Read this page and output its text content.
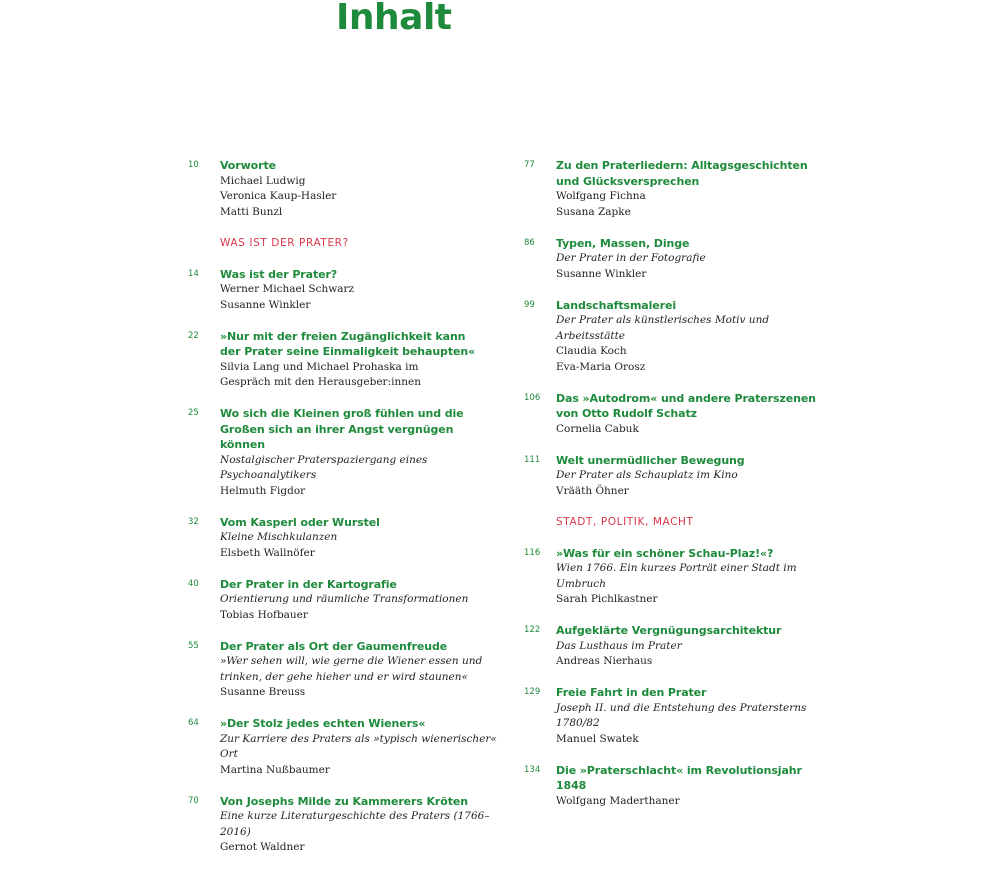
Inhalt
10 Vorworte
Michael Ludwig
Veronica Kaup-Hasler
Matti Bunzl
WAS IST DER PRATER?
14 Was ist der Prater?
Werner Michael Schwarz
Susanne Winkler
22 »Nur mit der freien Zugänglichkeit kann
der Prater seine Einmaligkeit behaupten«
Silvia Lang und Michael Prohaska im
Gespräch mit den Herausgeber:innen
25 Wo sich die Kleinen groß fühlen und die
Großen sich an ihrer Angst vergnügen können
Nostalgischer Praterspaziergang eines Psychoanalytikers
Helmuth Figdor
32 Vom Kasperl oder Wurstel
Kleine Mischkulanzen
Elsbeth Wallnöfer
40 Der Prater in der Kartografie
Orientierung und räumliche Transformationen
Tobias Hofbauer
55 Der Prater als Ort der Gaumenfreude
»Wer sehen will, wie gerne die Wiener essen und
trinken, der gehe hieher und er wird staunen«
Susanne Breuss
64 »Der Stolz jedes echten Wieners«
Zur Karriere des Praters als »typisch wienerischer« Ort
Martina Nußbaumer
70 Von Josephs Milde zu Kammerers Kröten
Eine kurze Literaturgeschichte des Praters (1766–2016)
Gernot Waldner
77 Zu den Praterliedern: Alltagsgeschichten
und Glücksversprechen
Wolfgang Fichna
Susana Zapke
86 Typen, Massen, Dinge
Der Prater in der Fotografie
Susanne Winkler
99 Landschaftsmalerei
Der Prater als künstlerisches Motiv und Arbeitsstätte
Claudia Koch
Eva-Maria Orosz
106 Das »Autodrom« und andere Praterszenen
von Otto Rudolf Schatz
Cornelia Cabuk
111 Welt unermüdlicher Bewegung
Der Prater als Schauplatz im Kino
Vrääth Öhner
STADT, POLITIK, MACHT
116 »Was für ein schöner Schau-Plaz!«?
Wien 1766. Ein kurzes Porträt einer Stadt im Umbruch
Sarah Pichlkastner
122 Aufgeklärte Vergnügungsarchitektur
Das Lusthaus im Prater
Andreas Nierhaus
129 Freie Fahrt in den Prater
Joseph II. und die Entstehung des Pratersterns 1780/82
Manuel Swatek
134 Die »Praterschlacht« im Revolutionsjahr 1848
Wolfgang Maderthaner
